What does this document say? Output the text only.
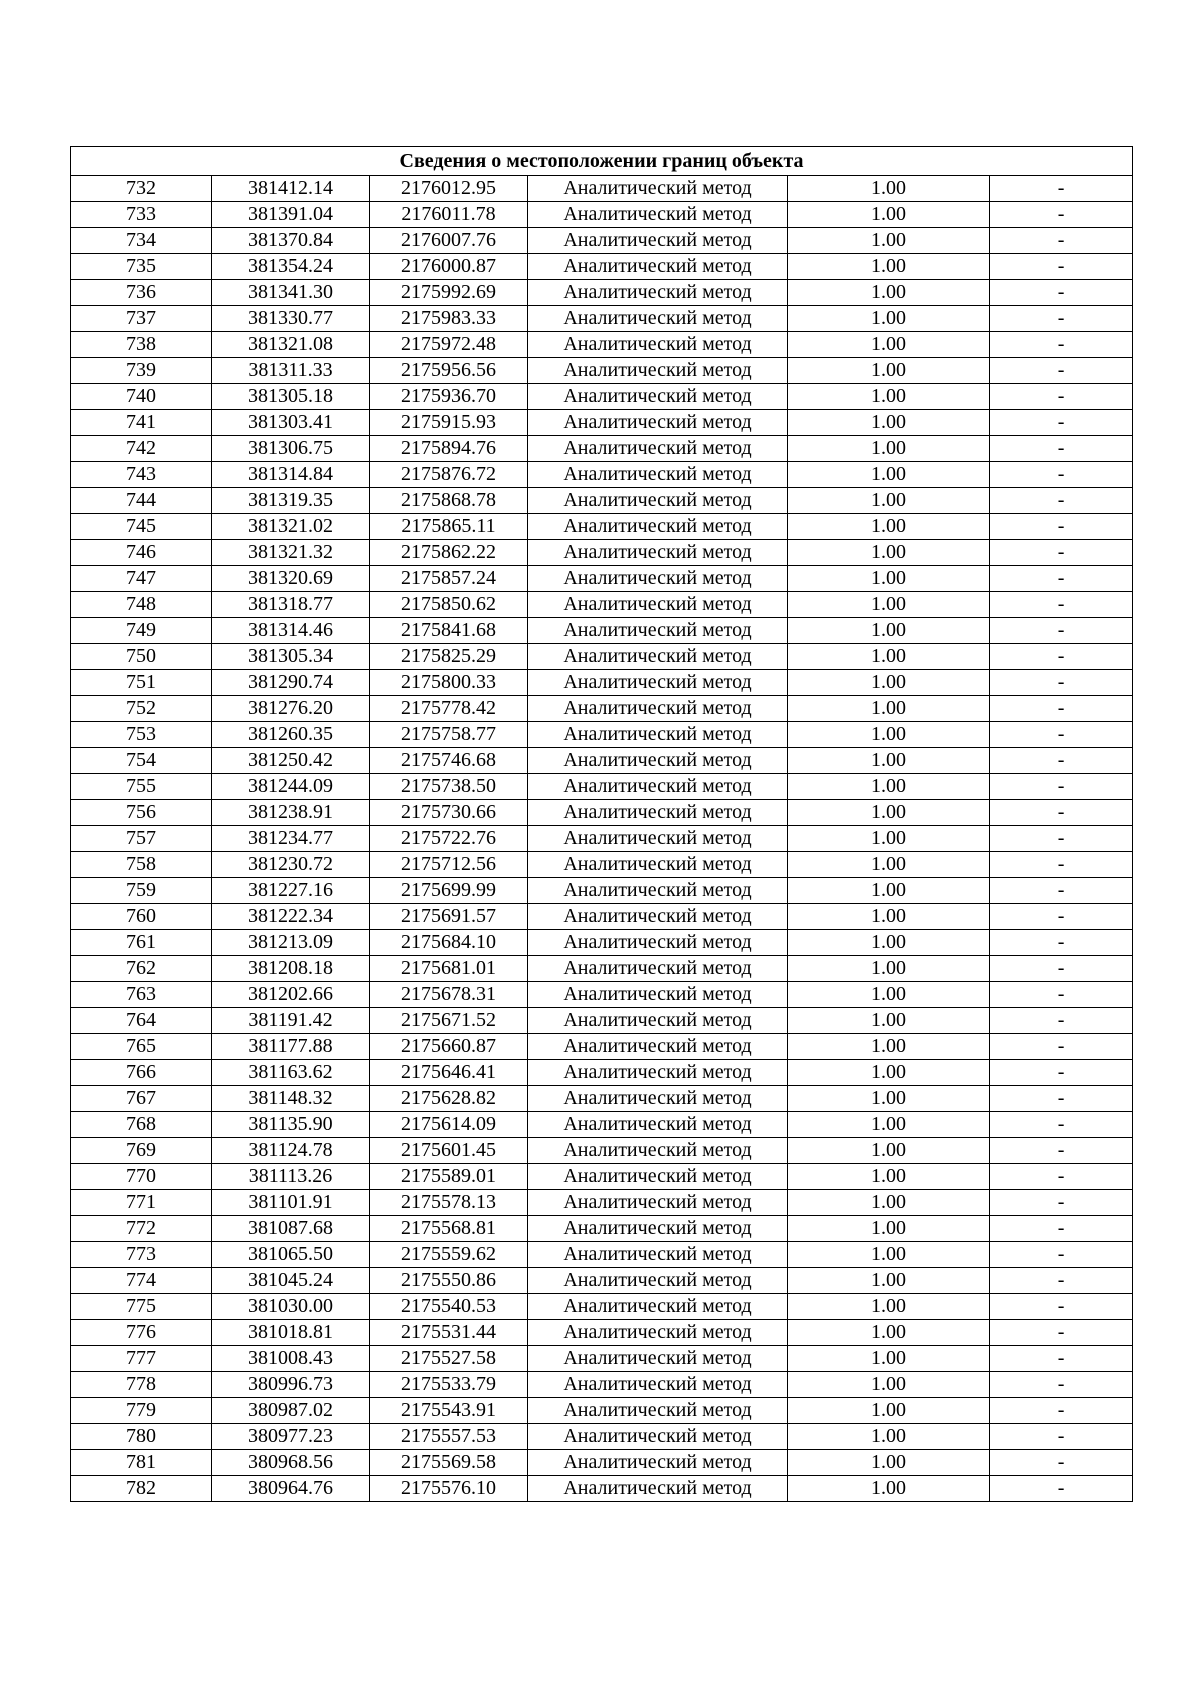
Сведения о местоположении границ объекта					
732	381412.14	2176012.95	Аналитический метод	1.00	-
733	381391.04	2176011.78	Аналитический метод	1.00	-
734	381370.84	2176007.76	Аналитический метод	1.00	-
735	381354.24	2176000.87	Аналитический метод	1.00	-
736	381341.30	2175992.69	Аналитический метод	1.00	-
737	381330.77	2175983.33	Аналитический метод	1.00	-
738	381321.08	2175972.48	Аналитический метод	1.00	-
739	381311.33	2175956.56	Аналитический метод	1.00	-
740	381305.18	2175936.70	Аналитический метод	1.00	-
741	381303.41	2175915.93	Аналитический метод	1.00	-
742	381306.75	2175894.76	Аналитический метод	1.00	-
743	381314.84	2175876.72	Аналитический метод	1.00	-
744	381319.35	2175868.78	Аналитический метод	1.00	-
745	381321.02	2175865.11	Аналитический метод	1.00	-
746	381321.32	2175862.22	Аналитический метод	1.00	-
747	381320.69	2175857.24	Аналитический метод	1.00	-
748	381318.77	2175850.62	Аналитический метод	1.00	-
749	381314.46	2175841.68	Аналитический метод	1.00	-
750	381305.34	2175825.29	Аналитический метод	1.00	-
751	381290.74	2175800.33	Аналитический метод	1.00	-
752	381276.20	2175778.42	Аналитический метод	1.00	-
753	381260.35	2175758.77	Аналитический метод	1.00	-
754	381250.42	2175746.68	Аналитический метод	1.00	-
755	381244.09	2175738.50	Аналитический метод	1.00	-
756	381238.91	2175730.66	Аналитический метод	1.00	-
757	381234.77	2175722.76	Аналитический метод	1.00	-
758	381230.72	2175712.56	Аналитический метод	1.00	-
759	381227.16	2175699.99	Аналитический метод	1.00	-
760	381222.34	2175691.57	Аналитический метод	1.00	-
761	381213.09	2175684.10	Аналитический метод	1.00	-
762	381208.18	2175681.01	Аналитический метод	1.00	-
763	381202.66	2175678.31	Аналитический метод	1.00	-
764	381191.42	2175671.52	Аналитический метод	1.00	-
765	381177.88	2175660.87	Аналитический метод	1.00	-
766	381163.62	2175646.41	Аналитический метод	1.00	-
767	381148.32	2175628.82	Аналитический метод	1.00	-
768	381135.90	2175614.09	Аналитический метод	1.00	-
769	381124.78	2175601.45	Аналитический метод	1.00	-
770	381113.26	2175589.01	Аналитический метод	1.00	-
771	381101.91	2175578.13	Аналитический метод	1.00	-
772	381087.68	2175568.81	Аналитический метод	1.00	-
773	381065.50	2175559.62	Аналитический метод	1.00	-
774	381045.24	2175550.86	Аналитический метод	1.00	-
775	381030.00	2175540.53	Аналитический метод	1.00	-
776	381018.81	2175531.44	Аналитический метод	1.00	-
777	381008.43	2175527.58	Аналитический метод	1.00	-
778	380996.73	2175533.79	Аналитический метод	1.00	-
779	380987.02	2175543.91	Аналитический метод	1.00	-
780	380977.23	2175557.53	Аналитический метод	1.00	-
781	380968.56	2175569.58	Аналитический метод	1.00	-
782	380964.76	2175576.10	Аналитический метод	1.00	-
